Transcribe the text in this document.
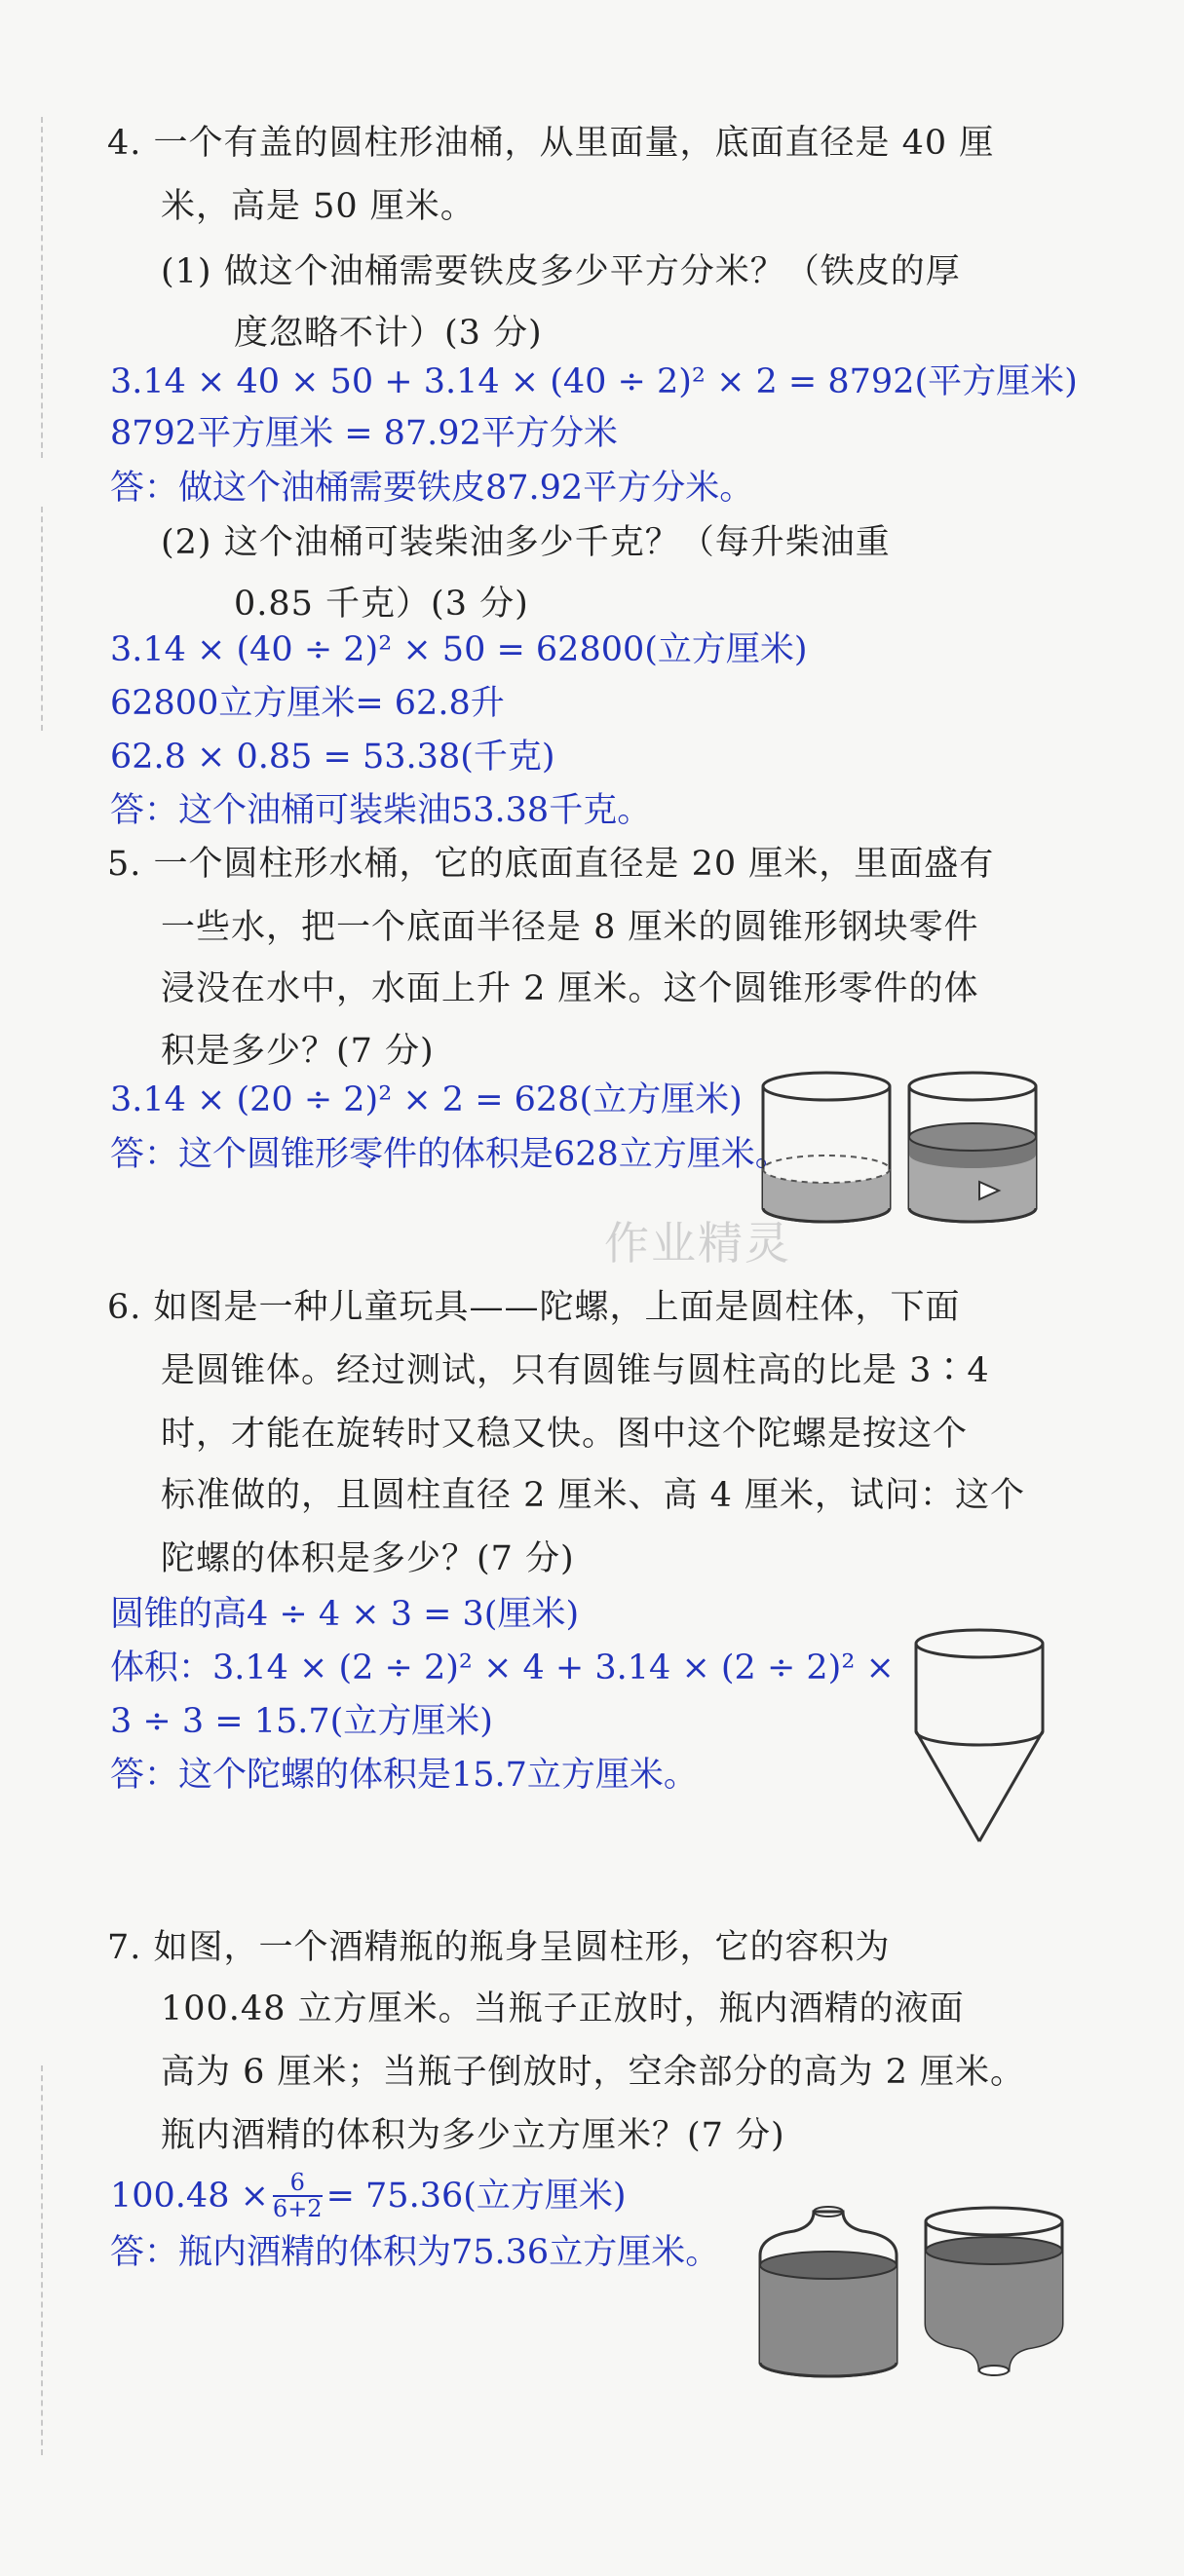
4. 一个有盖的圆柱形油桶，从里面量，底面直径是 40 厘
米，高是 50 厘米。
(1) 做这个油桶需要铁皮多少平方分米？（铁皮的厚
度忽略不计）(3 分)
3.14 × 40 × 50 + 3.14 × (40 ÷ 2)² × 2 = 8792(平方厘米)
8792平方厘米 = 87.92平方分米
答：做这个油桶需要铁皮87.92平方分米。
(2) 这个油桶可装柴油多少千克？（每升柴油重
0.85 千克）(3 分)
3.14 × (40 ÷ 2)² × 50 = 62800(立方厘米)
62800立方厘米= 62.8升
62.8 × 0.85 = 53.38(千克)
答：这个油桶可装柴油53.38千克。
5. 一个圆柱形水桶，它的底面直径是 20 厘米，里面盛有
一些水，把一个底面半径是 8 厘米的圆锥形钢块零件
浸没在水中，水面上升 2 厘米。这个圆锥形零件的体
积是多少？(7 分)
3.14 × (20 ÷ 2)² × 2 = 628(立方厘米)
答：这个圆锥形零件的体积是628立方厘米。
作业精灵
6. 如图是一种儿童玩具——陀螺，上面是圆柱体，下面
是圆锥体。经过测试，只有圆锥与圆柱高的比是 3∶4
时，才能在旋转时又稳又快。图中这个陀螺是按这个
标准做的，且圆柱直径 2 厘米、高 4 厘米，试问：这个
陀螺的体积是多少？(7 分)
圆锥的高4 ÷ 4 × 3 = 3(厘米)
体积：3.14 × (2 ÷ 2)² × 4 + 3.14 × (2 ÷ 2)² ×
3 ÷ 3 = 15.7(立方厘米)
答：这个陀螺的体积是15.7立方厘米。
7. 如图，一个酒精瓶的瓶身呈圆柱形，它的容积为
100.48 立方厘米。当瓶子正放时，瓶内酒精的液面
高为 6 厘米；当瓶子倒放时，空余部分的高为 2 厘米。
瓶内酒精的体积为多少立方厘米？(7 分)
$100.48 \times \frac{6}{6+2} = 75.36$(立方厘米)
答：瓶内酒精的体积为75.36立方厘米。
